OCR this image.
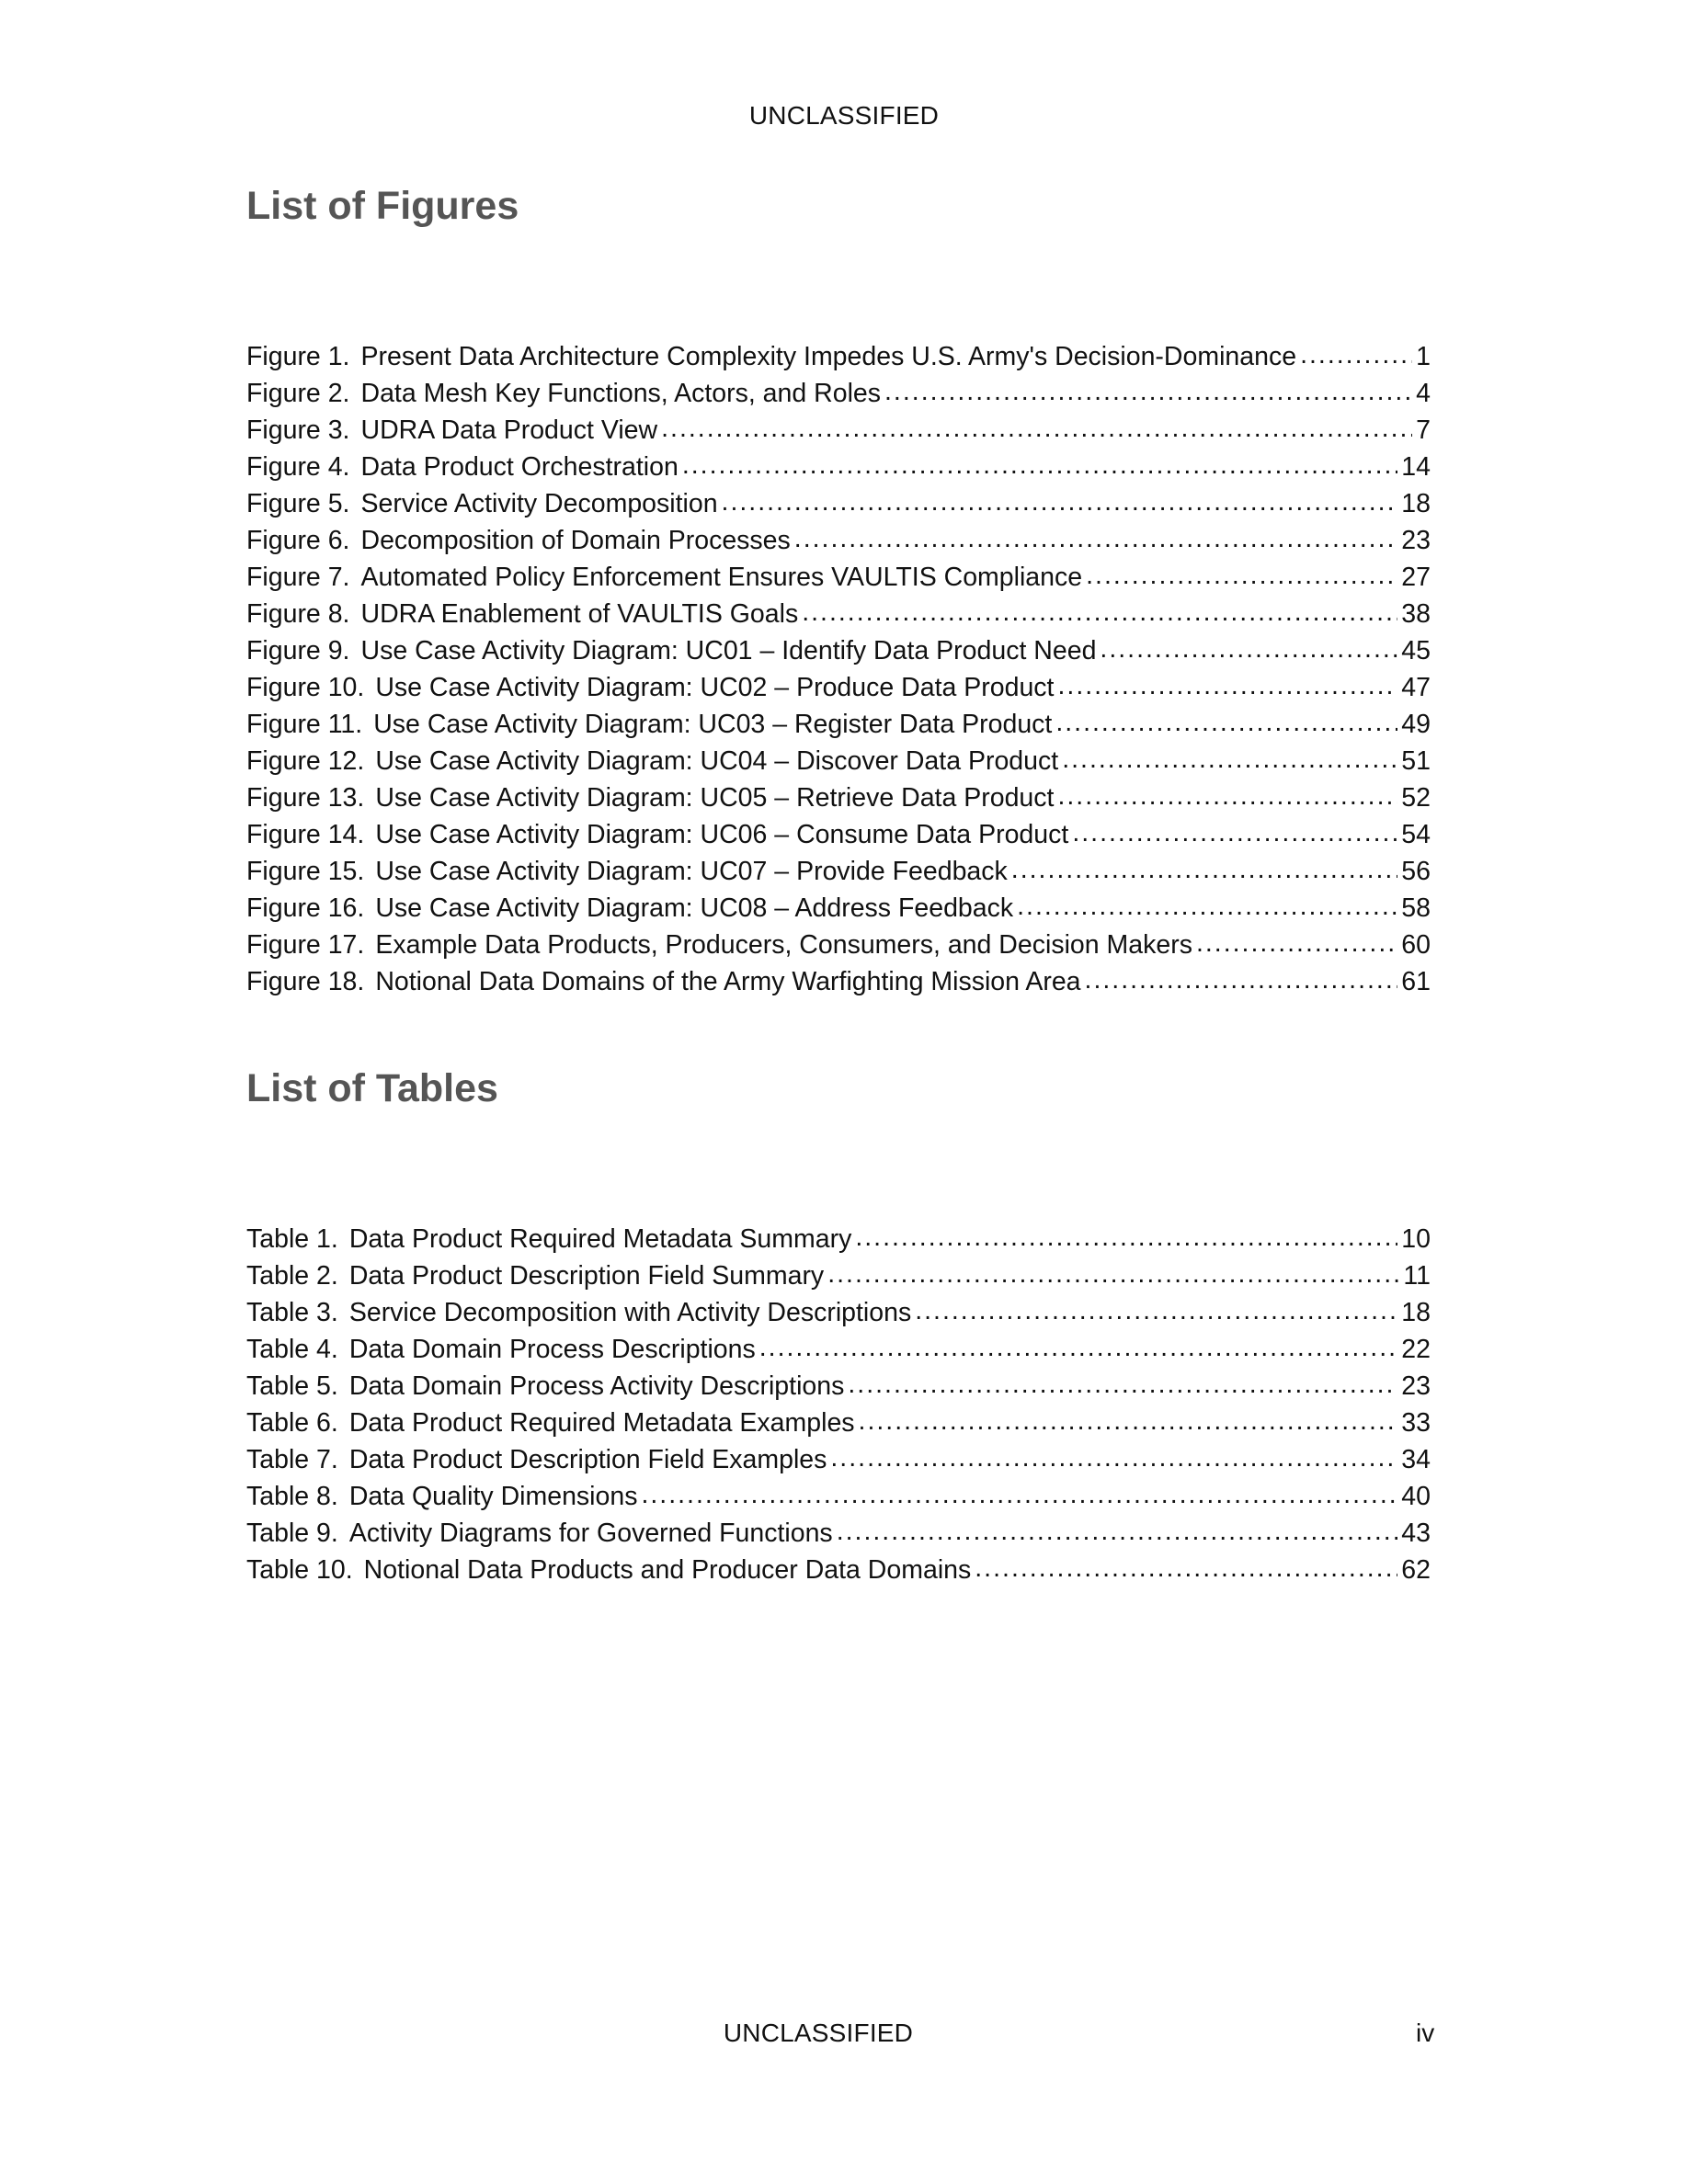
UNCLASSIFIED
List of Figures
Figure 1. Present Data Architecture Complexity Impedes U.S. Army's Decision-Dominance .....	1
Figure 2. Data Mesh Key Functions, Actors, and Roles .....	4
Figure 3. UDRA Data Product View .....	7
Figure 4. Data Product Orchestration .....	14
Figure 5. Service Activity Decomposition .....	18
Figure 6. Decomposition of Domain Processes .....	23
Figure 7. Automated Policy Enforcement Ensures VAULTIS Compliance .....	27
Figure 8. UDRA Enablement of VAULTIS Goals .....	38
Figure 9. Use Case Activity Diagram: UC01 – Identify Data Product Need .....	45
Figure 10. Use Case Activity Diagram: UC02 – Produce Data Product .....	47
Figure 11. Use Case Activity Diagram: UC03 – Register Data Product .....	49
Figure 12. Use Case Activity Diagram: UC04 – Discover Data Product .....	51
Figure 13. Use Case Activity Diagram: UC05 – Retrieve Data Product .....	52
Figure 14. Use Case Activity Diagram: UC06 – Consume Data Product .....	54
Figure 15. Use Case Activity Diagram: UC07 – Provide Feedback .....	56
Figure 16. Use Case Activity Diagram: UC08 – Address Feedback .....	58
Figure 17. Example Data Products, Producers, Consumers, and Decision Makers .....	60
Figure 18. Notional Data Domains of the Army Warfighting Mission Area .....	61
List of Tables
Table 1. Data Product Required Metadata Summary .....	10
Table 2. Data Product Description Field Summary .....	11
Table 3. Service Decomposition with Activity Descriptions .....	18
Table 4. Data Domain Process Descriptions .....	22
Table 5. Data Domain Process Activity Descriptions .....	23
Table 6. Data Product Required Metadata Examples .....	33
Table 7. Data Product Description Field Examples .....	34
Table 8. Data Quality Dimensions .....	40
Table 9. Activity Diagrams for Governed Functions .....	43
Table 10. Notional Data Products and Producer Data Domains .....	62
UNCLASSIFIED	iv
